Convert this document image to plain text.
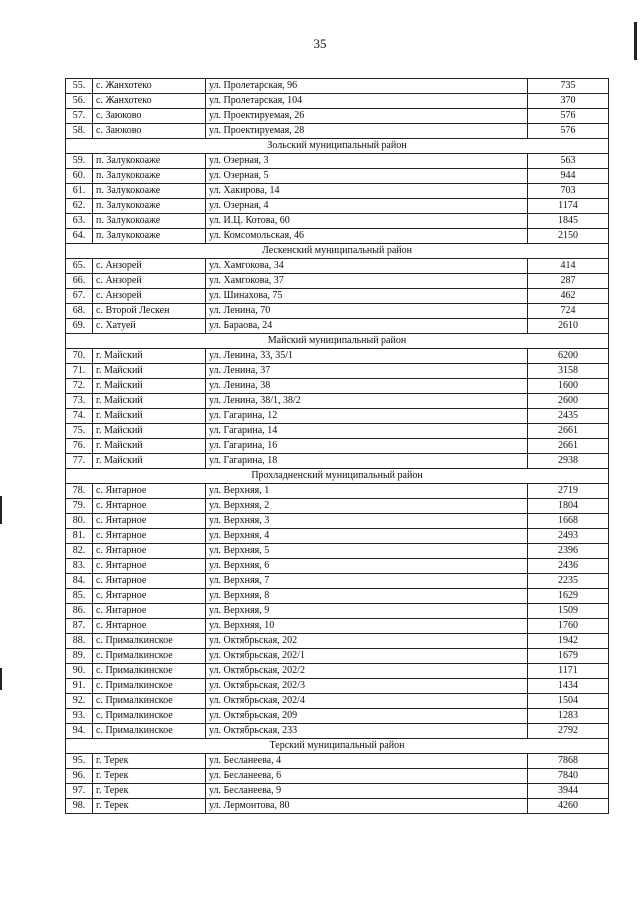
35
55.	с. Жанхотеко	ул. Пролетарская, 96	735
56.	с. Жанхотеко	ул. Пролетарская, 104	370
57.	с. Заюково	ул. Проектируемая, 26	576
58.	с. Заюково	ул. Проектируемая, 28	576
Зольский муниципальный район			
59.	п. Залукокоаже	ул. Озерная, 3	563
60.	п. Залукокоаже	ул. Озерная, 5	944
61.	п. Залукокоаже	ул. Хакирова, 14	703
62.	п. Залукокоаже	ул. Озерная, 4	1174
63.	п. Залукокоаже	ул. И.Ц. Котова, 60	1845
64.	п. Залукокоаже	ул. Комсомольская, 46	2150
Лескенский муниципальный район			
65.	с. Анзорей	ул. Хамгокова, 34	414
66.	с. Анзорей	ул. Хамгокова, 37	287
67.	с. Анзорей	ул. Шинахова, 75	462
68.	с. Второй Лескен	ул. Ленина, 70	724
69.	с. Хатуей	ул. Бараова, 24	2610
Майский муниципальный район			
70.	г. Майский	ул. Ленина, 33, 35/1	6200
71.	г. Майский	ул. Ленина, 37	3158
72.	г. Майский	ул. Ленина, 38	1600
73.	г. Майский	ул. Ленина, 38/1, 38/2	2600
74.	г. Майский	ул. Гагарина, 12	2435
75.	г. Майский	ул. Гагарина, 14	2661
76.	г. Майский	ул. Гагарина, 16	2661
77.	г. Майский	ул. Гагарина, 18	2938
Прохладненский муниципальный район			
78.	с. Янтарное	ул. Верхняя, 1	2719
79.	с. Янтарное	ул. Верхняя, 2	1804
80.	с. Янтарное	ул. Верхняя, 3	1668
81.	с. Янтарное	ул. Верхняя, 4	2493
82.	с. Янтарное	ул. Верхняя, 5	2396
83.	с. Янтарное	ул. Верхняя, 6	2436
84.	с. Янтарное	ул. Верхняя, 7	2235
85.	с. Янтарное	ул. Верхняя, 8	1629
86.	с. Янтарное	ул. Верхняя, 9	1509
87.	с. Янтарное	ул. Верхняя, 10	1760
88.	с. Прималкинское	ул. Октябрьская, 202	1942
89.	с. Прималкинское	ул. Октябрьская, 202/1	1679
90.	с. Прималкинское	ул. Октябрьская, 202/2	1171
91.	с. Прималкинское	ул. Октябрьская, 202/3	1434
92.	с. Прималкинское	ул. Октябрьская, 202/4	1504
93.	с. Прималкинское	ул. Октябрьская, 209	1283
94.	с. Прималкинское	ул. Октябрьская, 233	2792
Терский муниципальный район			
95.	г. Терек	ул. Бесланеева, 4	7868
96.	г. Терек	ул. Бесланеева, 6	7840
97.	г. Терек	ул. Бесланеева, 9	3944
98.	г. Терек	ул. Лермонтова, 80	4260
